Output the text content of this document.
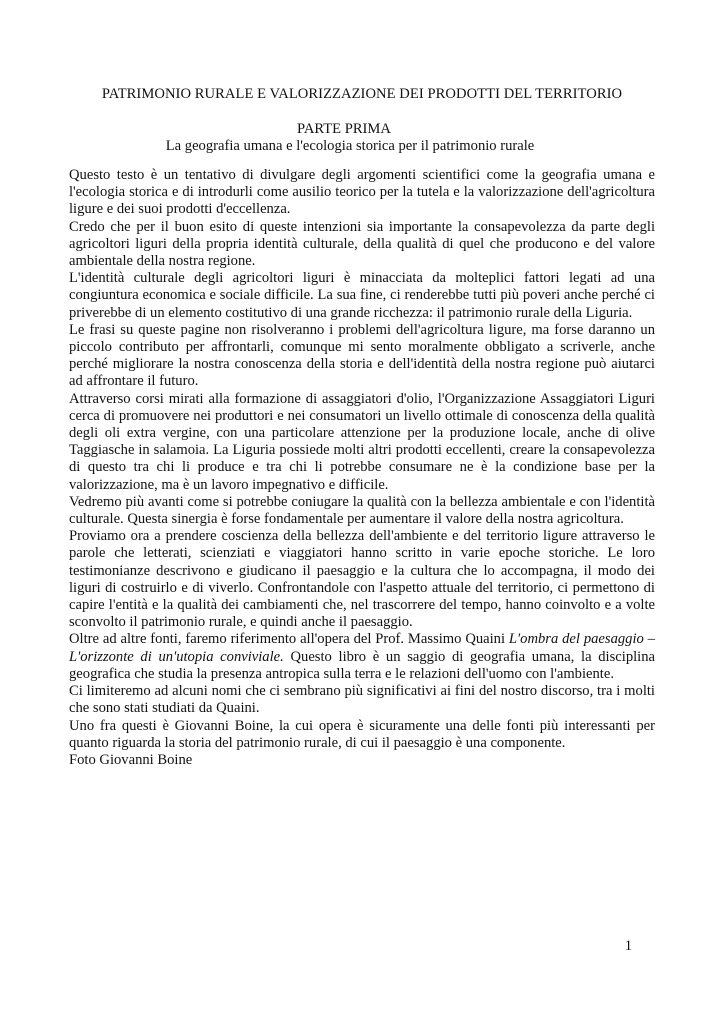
PATRIMONIO RURALE E VALORIZZAZIONE DEI PRODOTTI DEL TERRITORIO
PARTE PRIMA
La geografia umana e l'ecologia storica per il patrimonio rurale

Questo testo è un tentativo di divulgare degli argomenti scientifici come la geografia umana e l'ecologia storica e di introdurli come ausilio teorico per la tutela e la valorizzazione dell'agricoltura ligure e dei suoi prodotti d'eccellenza.

Credo che per il buon esito di queste intenzioni sia importante la consapevolezza da parte degli agricoltori liguri della propria identità culturale, della qualità di quel che producono e del valore ambientale della nostra regione.

L'identità culturale degli agricoltori liguri è minacciata da molteplici fattori legati ad una congiuntura economica e sociale difficile. La sua fine, ci renderebbe tutti più poveri anche perché ci priverebbe di un elemento costitutivo di una grande ricchezza: il patrimonio rurale della Liguria.

Le frasi su queste pagine non risolveranno i problemi dell'agricoltura ligure, ma forse daranno un piccolo contributo per affrontarli, comunque mi sento moralmente obbligato a scriverle, anche perché migliorare la nostra conoscenza della storia e dell'identità della nostra regione può aiutarci ad affrontare il futuro.

Attraverso corsi mirati alla formazione di assaggiatori d'olio, l'Organizzazione Assaggiatori Liguri cerca di promuovere nei produttori e nei consumatori un livello ottimale di conoscenza della qualità degli oli extra vergine, con una particolare attenzione per la produzione locale, anche di olive Taggiasche in salamoia. La Liguria possiede molti altri prodotti eccellenti, creare la consapevolezza di questo tra chi li produce e tra chi li potrebbe consumare ne è la condizione base per la valorizzazione, ma è un lavoro impegnativo e difficile.

Vedremo più avanti come si potrebbe coniugare la qualità con la bellezza ambientale e con l'identità culturale. Questa sinergia è forse fondamentale per aumentare il valore della nostra agricoltura.

Proviamo ora a prendere coscienza della bellezza dell'ambiente e del territorio ligure attraverso le parole che letterati, scienziati e viaggiatori hanno scritto in varie epoche storiche. Le loro testimonianze descrivono e giudicano il paesaggio e la cultura che lo accompagna, il modo dei liguri di costruirlo e di viverlo. Confrontandole con l'aspetto attuale del territorio, ci permettono di capire l'entità e la qualità dei cambiamenti che, nel trascorrere del tempo, hanno coinvolto e a volte sconvolto il patrimonio rurale, e quindi anche il paesaggio.

Oltre ad altre fonti, faremo riferimento all'opera del Prof. Massimo Quaini L'ombra del paesaggio – L'orizzonte di un'utopia conviviale. Questo libro è un saggio di geografia umana, la disciplina geografica che studia la presenza antropica sulla terra e le relazioni dell'uomo con l'ambiente.

Ci limiteremo ad alcuni nomi che ci sembrano più significativi ai fini del nostro discorso, tra i molti che sono stati studiati da Quaini.

Uno fra questi è Giovanni Boine, la cui opera è sicuramente una delle fonti più interessanti per quanto riguarda la storia del patrimonio rurale, di cui il paesaggio è una componente.

Foto Giovanni Boine

1
